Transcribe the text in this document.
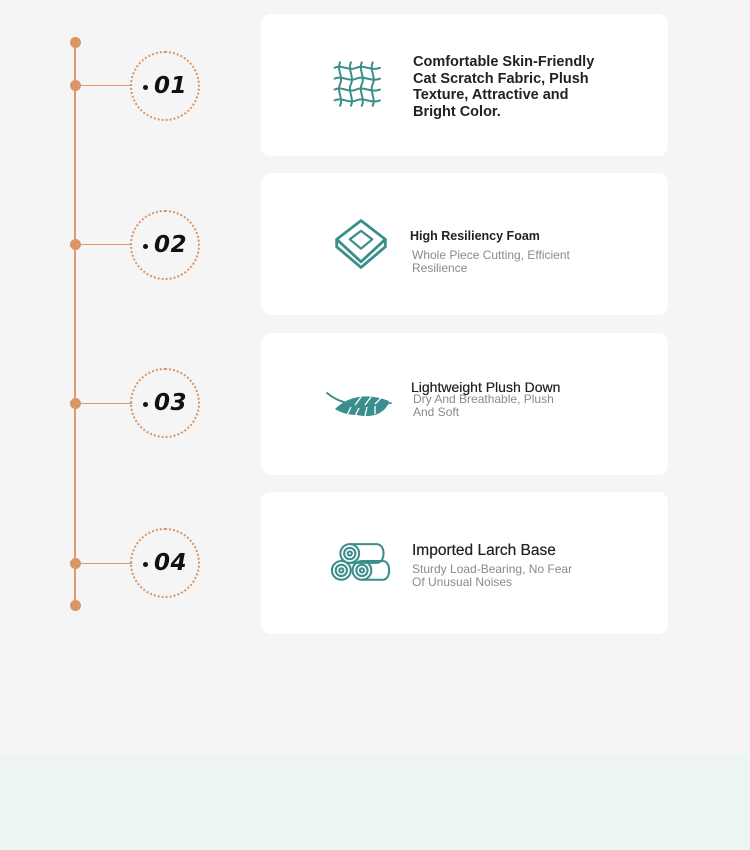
01
02
03
04
Comfortable Skin-Friendly Cat Scratch Fabric, Plush Texture, Attractive and Bright Color.
High Resiliency Foam
Whole Piece Cutting, Efficient Resilience
Lightweight Plush Down
Dry And Breathable, Plush And Soft
Imported Larch Base
Sturdy Load-Bearing, No Fear Of Unusual Noises
